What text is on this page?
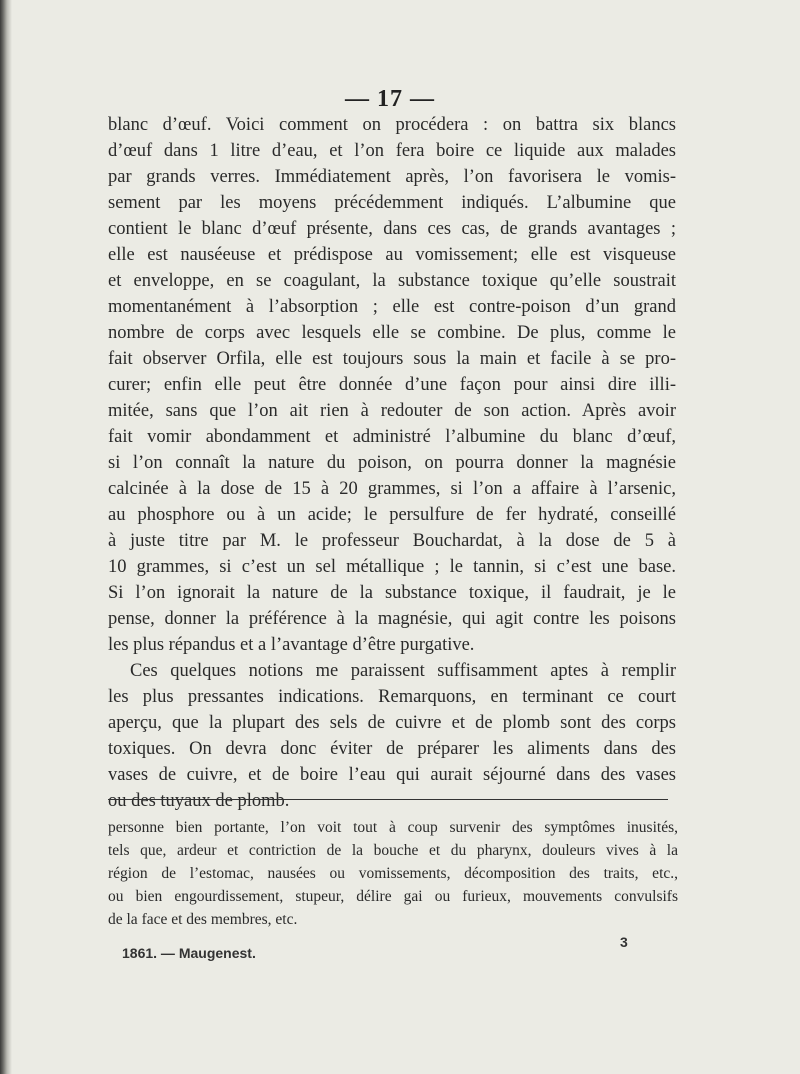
— 17 —
blanc d’œuf. Voici comment on procédera : on battra six blancs
d’œuf dans 1 litre d’eau, et l’on fera boire ce liquide aux malades
par grands verres. Immédiatement après, l’on favorisera le vomis-
sement par les moyens précédemment indiqués. L’albumine que
contient le blanc d’œuf présente, dans ces cas, de grands avantages ;
elle est nauséeuse et prédispose au vomissement; elle est visqueuse
et enveloppe, en se coagulant, la substance toxique qu’elle soustrait
momentanément à l’absorption ; elle est contre-poison d’un grand
nombre de corps avec lesquels elle se combine. De plus, comme le
fait observer Orfila, elle est toujours sous la main et facile à se pro-
curer; enfin elle peut être donnée d’une façon pour ainsi dire illi-
mitée, sans que l’on ait rien à redouter de son action. Après avoir
fait vomir abondamment et administré l’albumine du blanc d’œuf,
si l’on connaît la nature du poison, on pourra donner la magnésie
calcinée à la dose de 15 à 20 grammes, si l’on a affaire à l’arsenic,
au phosphore ou à un acide; le persulfure de fer hydraté, conseillé
à juste titre par M. le professeur Bouchardat, à la dose de 5 à
10 grammes, si c’est un sel métallique ; le tannin, si c’est une base.
Si l’on ignorait la nature de la substance toxique, il faudrait, je le
pense, donner la préférence à la magnésie, qui agit contre les poisons
les plus répandus et a l’avantage d’être purgative.
Ces quelques notions me paraissent suffisamment aptes à remplir
les plus pressantes indications. Remarquons, en terminant ce court
aperçu, que la plupart des sels de cuivre et de plomb sont des corps
toxiques. On devra donc éviter de préparer les aliments dans des
vases de cuivre, et de boire l’eau qui aurait séjourné dans des vases
ou des tuyaux de plomb.
personne bien portante, l’on voit tout à coup survenir des symptômes inusités,
tels que, ardeur et contriction de la bouche et du pharynx, douleurs vives à la
région de l’estomac, nausées ou vomissements, décomposition des traits, etc.,
ou bien engourdissement, stupeur, délire gai ou furieux, mouvements convulsifs
de la face et des membres, etc.
1861. — Maugenest.
3
